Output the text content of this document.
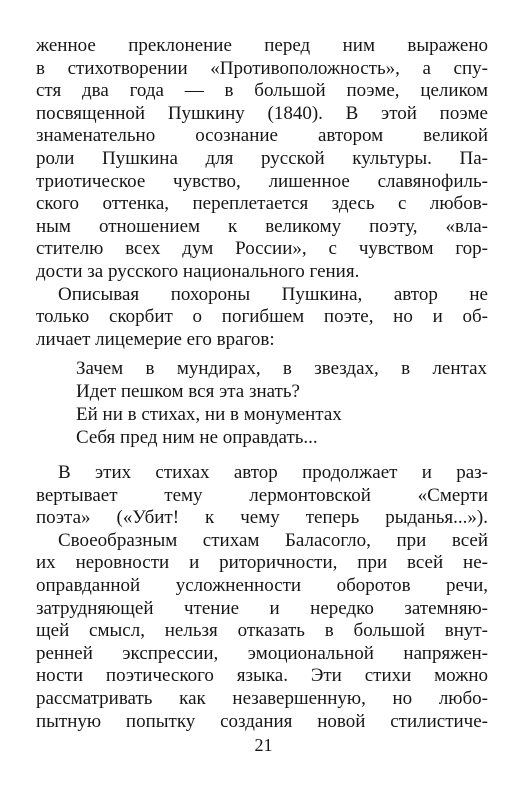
женное преклонение перед ним выражено
в стихотворении «Противоположность», а спу-
стя два года — в большой поэме, целиком
посвященной Пушкину (1840). В этой поэме
знаменательно осознание автором великой
роли Пушкина для русской культуры. Па-
триотическое чувство, лишенное славянофиль-
ского оттенка, переплетается здесь с любов-
ным отношением к великому поэту, «вла-
стителю всех дум России», с чувством гор-
дости за русского национального гения.
Описывая похороны Пушкина, автор не
только скорбит о погибшем поэте, но и об-
личает лицемерие его врагов:
Зачем в мундирах, в звездах, в лентах
Идет пешком вся эта знать?
Ей ни в стихах, ни в монументах
Себя пред ним не оправдать...
В этих стихах автор продолжает и раз-
вертывает тему лермонтовской «Смерти
поэта» («Убит! к чему теперь рыданья...»).
Своеобразным стихам Баласогло, при всей
их неровности и риторичности, при всей не-
оправданной усложненности оборотов речи,
затрудняющей чтение и нередко затемняю-
щей смысл, нельзя отказать в большой внут-
ренней экспрессии, эмоциональной напряжен-
ности поэтического языка. Эти стихи можно
рассматривать как незавершенную, но любо-
пытную попытку создания новой стилистиче-
21
